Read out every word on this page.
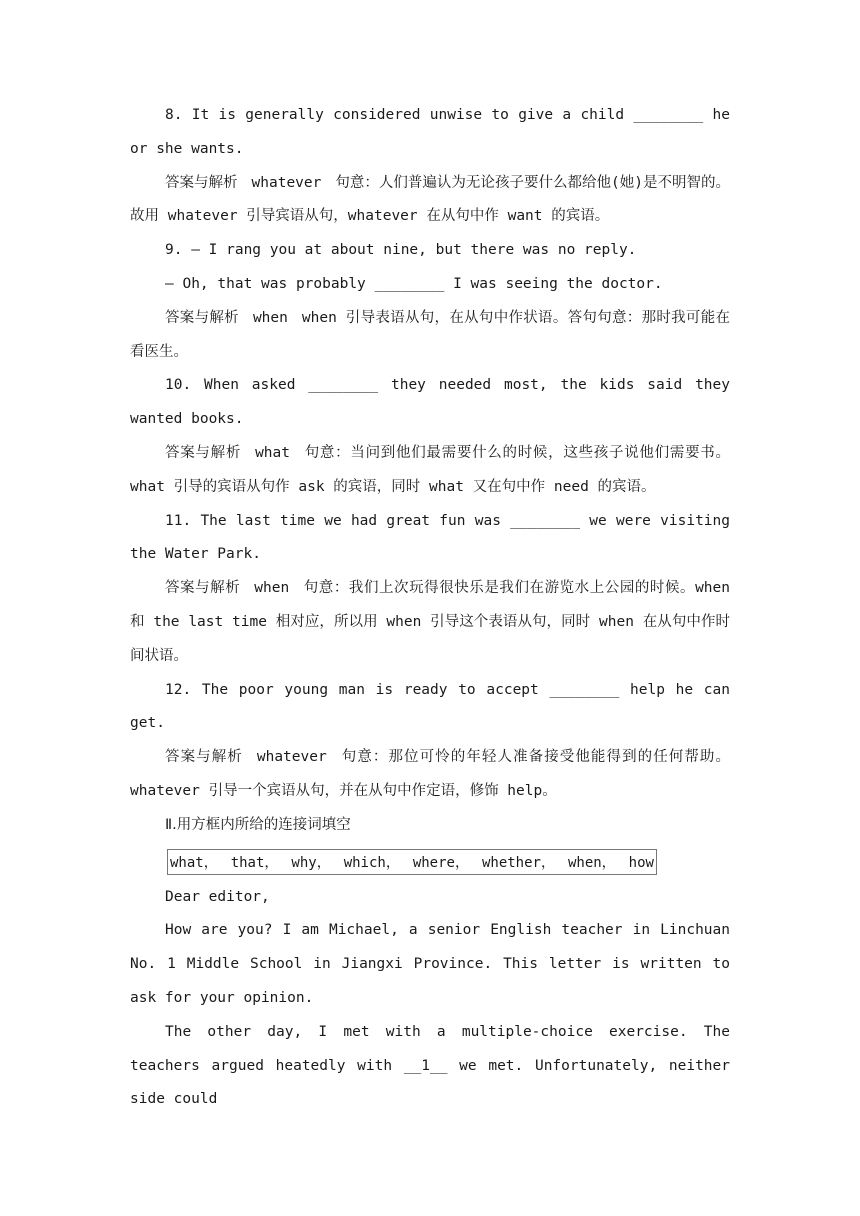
8. It is generally considered unwise to give a child ________ he or she wants.

答案与解析 whatever 句意：人们普遍认为无论孩子要什么都给他(她)是不明智的。故用 whatever 引导宾语从句，whatever 在从句中作 want 的宾语。

9. — I rang you at about nine, but there was no reply.

— Oh, that was probably ________ I was seeing the doctor.

答案与解析 when when 引导表语从句，在从句中作状语。答句句意：那时我可能在看医生。

10. When asked ________ they needed most, the kids said they wanted books.

答案与解析 what 句意：当问到他们最需要什么的时候，这些孩子说他们需要书。what 引导的宾语从句作 ask 的宾语，同时 what 又在句中作 need 的宾语。

11. The last time we had great fun was ________ we were visiting the Water Park.

答案与解析 when 句意：我们上次玩得很快乐是我们在游览水上公园的时候。when 和 the last time 相对应，所以用 when 引导这个表语从句，同时 when 在从句中作时间状语。

12. The poor young man is ready to accept ________ help he can get.

答案与解析 whatever 句意：那位可怜的年轻人准备接受他能得到的任何帮助。whatever 引导一个宾语从句，并在从句中作定语，修饰 help。

Ⅱ.用方框内所给的连接词填空

what， that， why， which， where， whether， when， how

Dear editor,

How are you? I am Michael, a senior English teacher in Linchuan No. 1 Middle School in Jiangxi Province. This letter is written to ask for your opinion.

The other day, I met with a multiple-choice exercise. The teachers argued heatedly with __1__ we met. Unfortunately, neither side could
